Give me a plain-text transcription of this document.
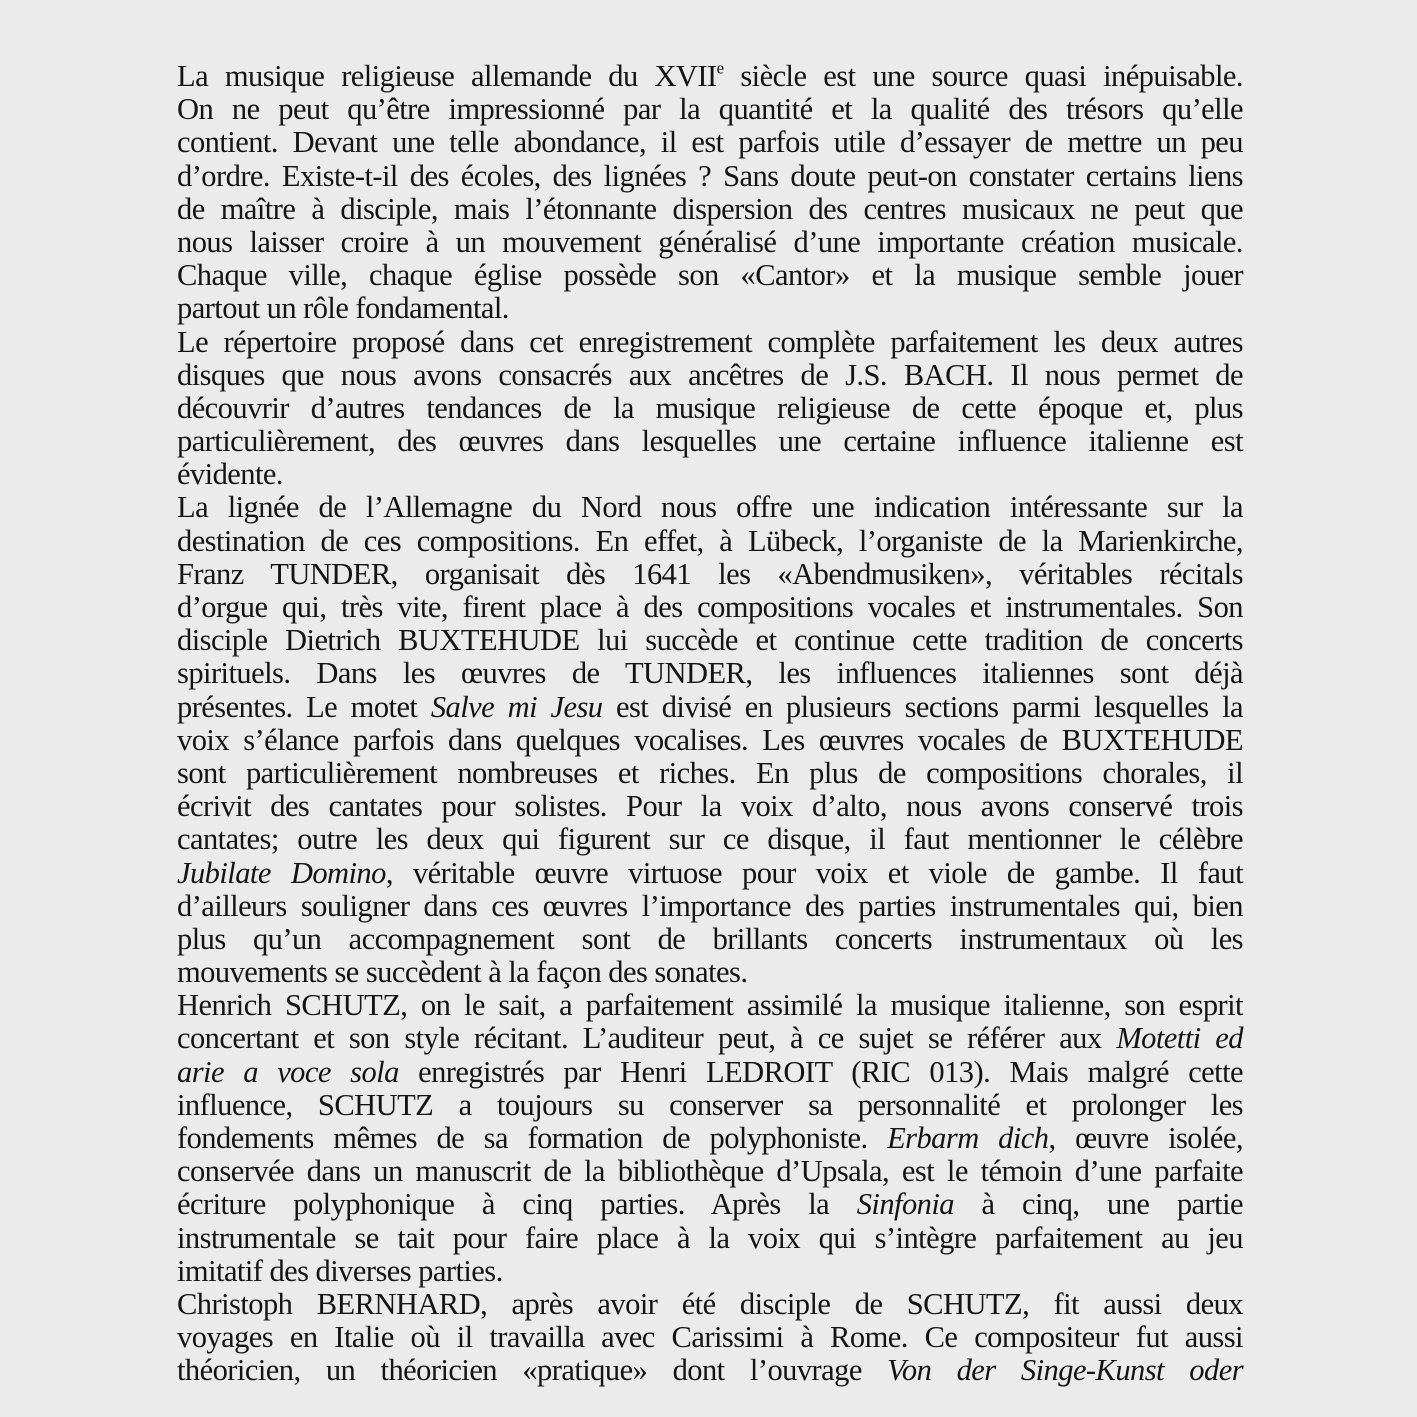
La musique religieuse allemande du XVIIe siècle est une source quasi inépuisable.
On ne peut qu’être impressionné par la quantité et la qualité des trésors qu’elle
contient. Devant une telle abondance, il est parfois utile d’essayer de mettre un peu
d’ordre. Existe-t-il des écoles, des lignées ? Sans doute peut-on constater certains liens
de maître à disciple, mais l’étonnante dispersion des centres musicaux ne peut que
nous laisser croire à un mouvement généralisé d’une importante création musicale.
Chaque ville, chaque église possède son «Cantor» et la musique semble jouer
partout un rôle fondamental.
Le répertoire proposé dans cet enregistrement complète parfaitement les deux autres
disques que nous avons consacrés aux ancêtres de J.S. BACH. Il nous permet de
découvrir d’autres tendances de la musique religieuse de cette époque et, plus
particulièrement, des œuvres dans lesquelles une certaine influence italienne est
évidente.
La lignée de l’Allemagne du Nord nous offre une indication intéressante sur la
destination de ces compositions. En effet, à Lübeck, l’organiste de la Marienkirche,
Franz TUNDER, organisait dès 1641 les «Abendmusiken», véritables récitals
d’orgue qui, très vite, firent place à des compositions vocales et instrumentales. Son
disciple Dietrich BUXTEHUDE lui succède et continue cette tradition de concerts
spirituels. Dans les œuvres de TUNDER, les influences italiennes sont déjà
présentes. Le motet Salve mi Jesu est divisé en plusieurs sections parmi lesquelles la
voix s’élance parfois dans quelques vocalises. Les œuvres vocales de BUXTEHUDE
sont particulièrement nombreuses et riches. En plus de compositions chorales, il
écrivit des cantates pour solistes. Pour la voix d’alto, nous avons conservé trois
cantates; outre les deux qui figurent sur ce disque, il faut mentionner le célèbre
Jubilate Domino, véritable œuvre virtuose pour voix et viole de gambe. Il faut
d’ailleurs souligner dans ces œuvres l’importance des parties instrumentales qui, bien
plus qu’un accompagnement sont de brillants concerts instrumentaux où les
mouvements se succèdent à la façon des sonates.
Henrich SCHUTZ, on le sait, a parfaitement assimilé la musique italienne, son esprit
concertant et son style récitant. L’auditeur peut, à ce sujet se référer aux Motetti ed
arie a voce sola enregistrés par Henri LEDROIT (RIC 013). Mais malgré cette
influence, SCHUTZ a toujours su conserver sa personnalité et prolonger les
fondements mêmes de sa formation de polyphoniste. Erbarm dich, œuvre isolée,
conservée dans un manuscrit de la bibliothèque d’Upsala, est le témoin d’une parfaite
écriture polyphonique à cinq parties. Après la Sinfonia à cinq, une partie
instrumentale se tait pour faire place à la voix qui s’intègre parfaitement au jeu
imitatif des diverses parties.
Christoph BERNHARD, après avoir été disciple de SCHUTZ, fit aussi deux
voyages en Italie où il travailla avec Carissimi à Rome. Ce compositeur fut aussi
théoricien, un théoricien «pratique» dont l’ouvrage Von der Singe-Kunst oder
